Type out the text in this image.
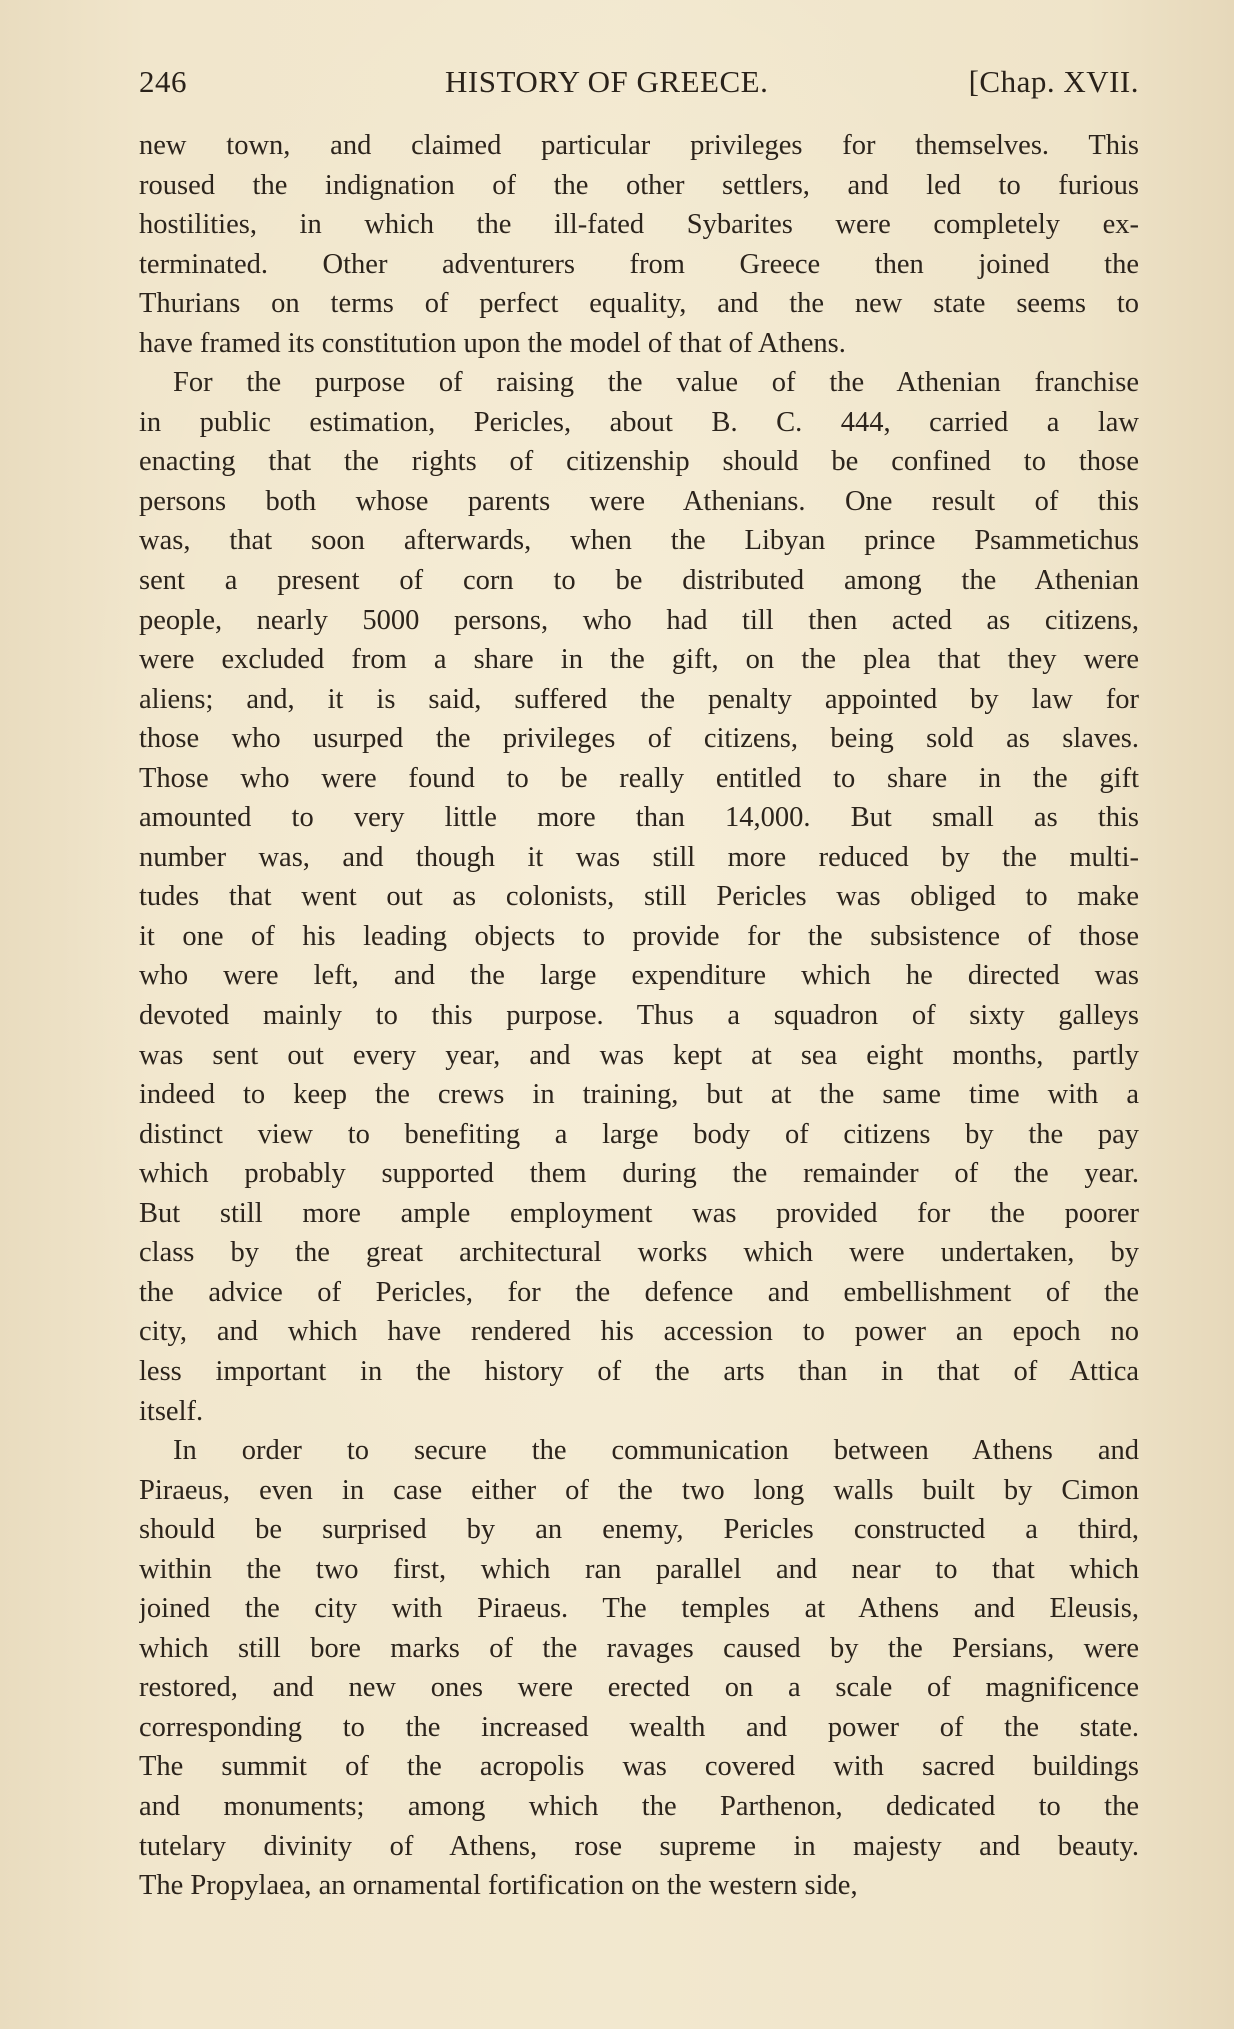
246	HISTORY OF GREECE.	[Chap. XVII.
new town, and claimed particular privileges for themselves. This
roused the indignation of the other settlers, and led to furious
hostilities, in which the ill-fated Sybarites were completely ex-
terminated. Other adventurers from Greece then joined the
Thurians on terms of perfect equality, and the new state seems to
have framed its constitution upon the model of that of Athens.
For the purpose of raising the value of the Athenian franchise
in public estimation, Pericles, about B. C. 444, carried a law
enacting that the rights of citizenship should be confined to those
persons both whose parents were Athenians. One result of this
was, that soon afterwards, when the Libyan prince Psammetichus
sent a present of corn to be distributed among the Athenian
people, nearly 5000 persons, who had till then acted as citizens,
were excluded from a share in the gift, on the plea that they were
aliens; and, it is said, suffered the penalty appointed by law for
those who usurped the privileges of citizens, being sold as slaves.
Those who were found to be really entitled to share in the gift
amounted to very little more than 14,000. But small as this
number was, and though it was still more reduced by the multi-
tudes that went out as colonists, still Pericles was obliged to make
it one of his leading objects to provide for the subsistence of those
who were left, and the large expenditure which he directed was
devoted mainly to this purpose. Thus a squadron of sixty galleys
was sent out every year, and was kept at sea eight months, partly
indeed to keep the crews in training, but at the same time with a
distinct view to benefiting a large body of citizens by the pay
which probably supported them during the remainder of the year.
But still more ample employment was provided for the poorer
class by the great architectural works which were undertaken, by
the advice of Pericles, for the defence and embellishment of the
city, and which have rendered his accession to power an epoch no
less important in the history of the arts than in that of Attica
itself.
In order to secure the communication between Athens and
Piraeus, even in case either of the two long walls built by Cimon
should be surprised by an enemy, Pericles constructed a third,
within the two first, which ran parallel and near to that which
joined the city with Piraeus. The temples at Athens and Eleusis,
which still bore marks of the ravages caused by the Persians, were
restored, and new ones were erected on a scale of magnificence
corresponding to the increased wealth and power of the state.
The summit of the acropolis was covered with sacred buildings
and monuments; among which the Parthenon, dedicated to the
tutelary divinity of Athens, rose supreme in majesty and beauty.
The Propylaea, an ornamental fortification on the western side,
